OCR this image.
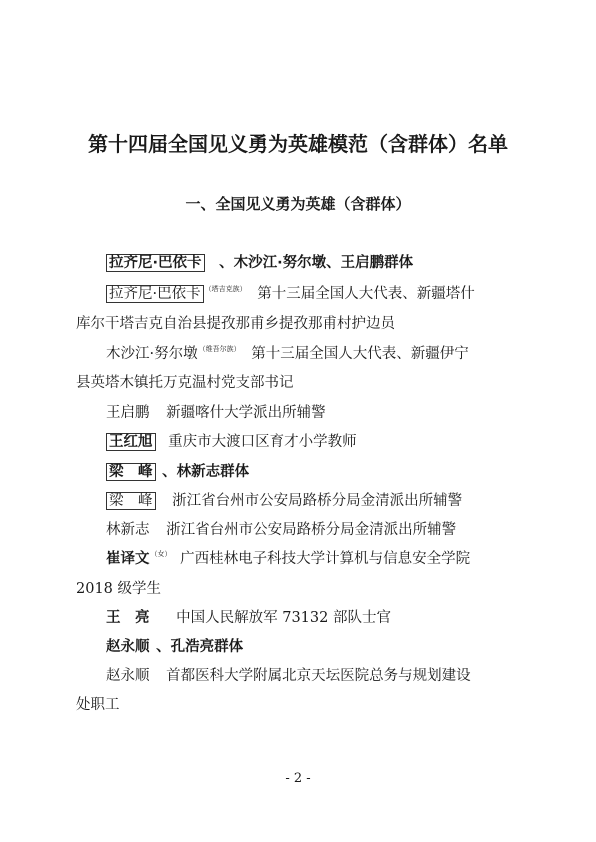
第十四届全国见义勇为英雄模范（含群体）名单
一、全国见义勇为英雄（含群体）
拉齐尼·巴依卡 、木沙江·努尔墩、王启鹏群体
拉齐尼·巴依卡 $^{(塔吉克族)}$ 第十三届全国人大代表、新疆塔什
库尔干塔吉克自治县提孜那甫乡提孜那甫村护边员
木沙江·努尔墩$^{(维吾尔族)}$ 第十三届全国人大代表、新疆伊宁
县英塔木镇托万克温村党支部书记
王启鹏 新疆喀什大学派出所辅警
王红旭 重庆市大渡口区育才小学教师
梁　峰 、林新志群体
梁　峰 浙江省台州市公安局路桥分局金清派出所辅警
林新志 浙江省台州市公安局路桥分局金清派出所辅警
崔译文$^{(女)}$ 广西桂林电子科技大学计算机与信息安全学院
2018 级学生
王　亮 中国人民解放军 73132 部队士官
赵永顺 、孔浩亮群体
赵永顺 首都医科大学附属北京天坛医院总务与规划建设
处职工
- 2 -
